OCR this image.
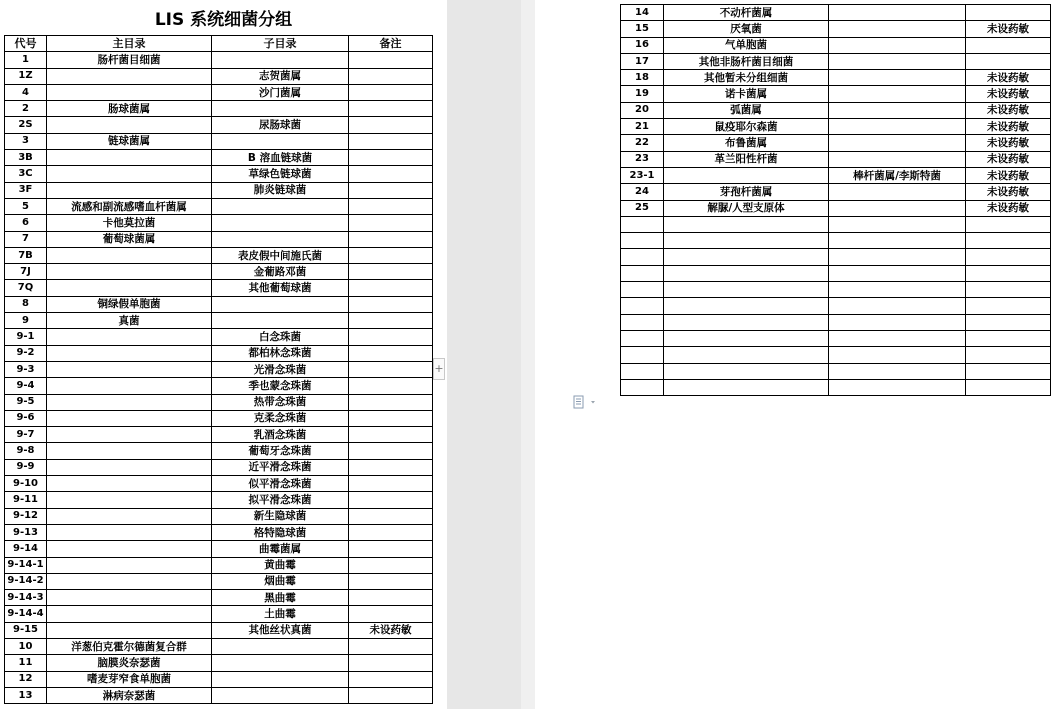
LIS 系统细菌分组
代号	主目录	子目录	备注
1	肠杆菌目细菌		
1Z		志贺菌属	
4		沙门菌属	
2	肠球菌属		
2S		尿肠球菌	
3	链球菌属		
3B		B 溶血链球菌	
3C		草绿色链球菌	
3F		肺炎链球菌	
5	流感和副流感嗜血杆菌属		
6	卡他莫拉菌		
7	葡萄球菌属		
7B		表皮假中间施氏菌	
7J		金葡路邓菌	
7Q		其他葡萄球菌	
8	铜绿假单胞菌		
9	真菌		
9-1		白念珠菌	
9-2		都柏林念珠菌	
9-3		光滑念珠菌	
9-4		季也蒙念珠菌	
9-5		热带念珠菌	
9-6		克柔念珠菌	
9-7		乳酒念珠菌	
9-8		葡萄牙念珠菌	
9-9		近平滑念珠菌	
9-10		似平滑念珠菌	
9-11		拟平滑念珠菌	
9-12		新生隐球菌	
9-13		格特隐球菌	
9-14		曲霉菌属	
9-14-1		黄曲霉	
9-14-2		烟曲霉	
9-14-3		黑曲霉	
9-14-4		土曲霉	
9-15		其他丝状真菌	未设药敏
10	洋葱伯克霍尔德菌复合群		
11	脑膜炎奈瑟菌		
12	嗜麦芽窄食单胞菌		
13	淋病奈瑟菌		
+
14	不动杆菌属		
15	厌氧菌		未设药敏
16	气单胞菌		
17	其他非肠杆菌目细菌		
18	其他暂未分组细菌		未设药敏
19	诺卡菌属		未设药敏
20	弧菌属		未设药敏
21	鼠疫耶尔森菌		未设药敏
22	布鲁菌属		未设药敏
23	革兰阳性杆菌		未设药敏
23-1		棒杆菌属/李斯特菌	未设药敏
24	芽孢杆菌属		未设药敏
25	解脲/人型支原体		未设药敏
